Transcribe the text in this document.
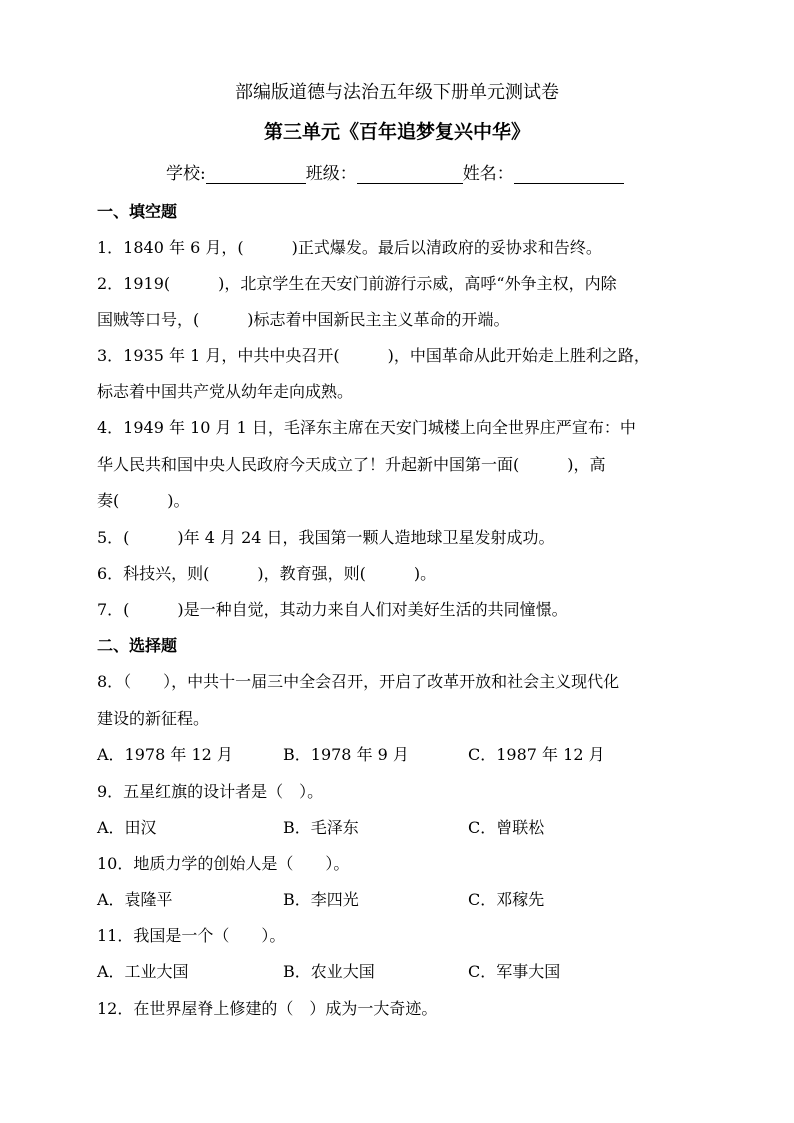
部编版道德与法治五年级下册单元测试卷
第三单元《百年追梦复兴中华》
学校:	班级：	姓名：
一、填空题
1．1840 年 6 月，(　　　)正式爆发。最后以清政府的妥协求和告终。
2．1919(　　　)，北京学生在天安门前游行示威，高呼“外争主权，内除
国贼等口号，(　　　)标志着中国新民主主义革命的开端。
3．1935 年 1 月，中共中央召开(　　　)，中国革命从此开始走上胜利之路，
标志着中国共产党从幼年走向成熟。
4．1949 年 10 月 1 日，毛泽东主席在天安门城楼上向全世界庄严宣布：中
华人民共和国中央人民政府今天成立了！升起新中国第一面(　　　)，高
奏(　　　)。
5．(　　　)年 4 月 24 日，我国第一颗人造地球卫星发射成功。
6．科技兴，则(　　　)，教育强，则(　　　)。
7．(　　　)是一种自觉，其动力来自人们对美好生活的共同憧憬。
二、选择题
8．（　　），中共十一届三中全会召开，开启了改革开放和社会主义现代化
建设的新征程。
A．1978 年 12 月	B．1978 年 9 月	C．1987 年 12 月
9．五星红旗的设计者是（　）。
A．田汉	B．毛泽东	C．曾联松
10．地质力学的创始人是（　　）。
A．袁隆平	B．李四光	C．邓稼先
11．我国是一个（　　）。
A．工业大国	B．农业大国	C．军事大国
12．在世界屋脊上修建的（　）成为一大奇迹。
